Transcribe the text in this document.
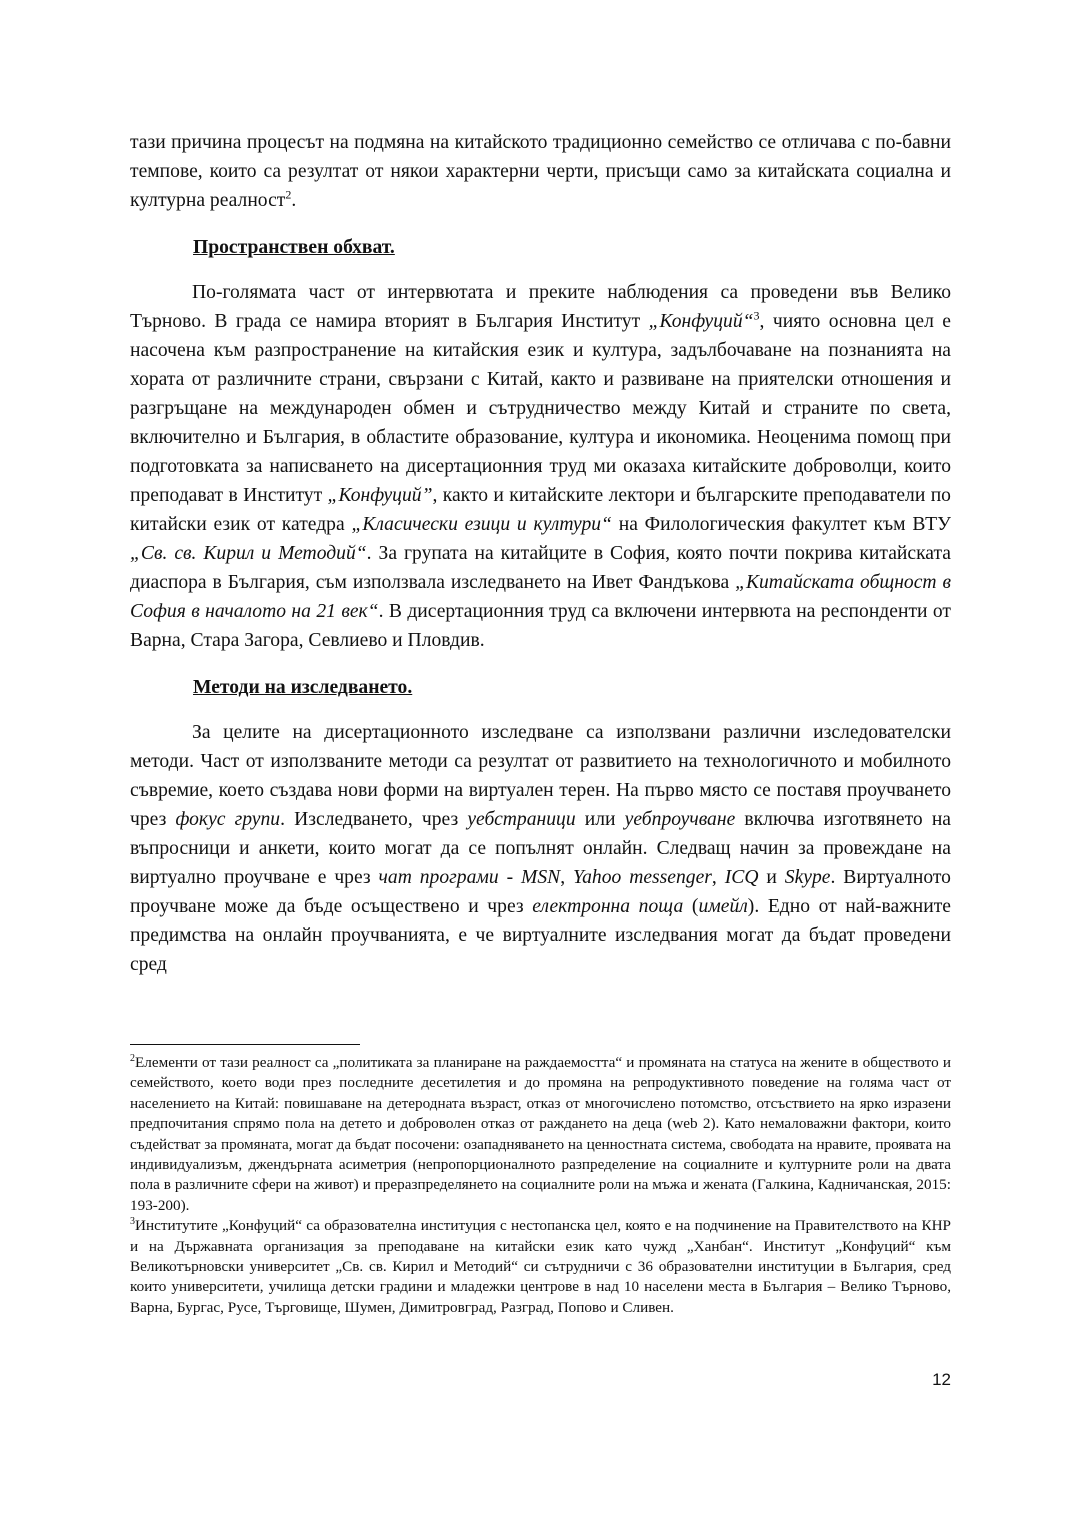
тази причина процесът на подмяна на китайското традиционно семейство се отличава с по-бавни темпове, които са резултат от някои характерни черти, присъщи само за китайската социална и културна реалност$^2$.

Пространствен обхват.

По-голямата част от интервютата и преките наблюдения са проведени във Велико Търново. В града се намира вторият в България Институт „Конфуций“$^3$, чиято основна цел е насочена към разпространение на китайския език и култура, задълбочаване на познанията на хората от различните страни, свързани с Китай, както и развиване на приятелски отношения и разгръщане на международен обмен и сътрудничество между Китай и страните по света, включително и България, в областите образование, култура и икономика. Неоценима помощ при подготовката за написването на дисертационния труд ми оказаха китайските доброволци, които преподават в Институт „Конфуций”, както и китайските лектори и българските преподаватели по китайски език от катедра „Класически езици и култури“ на Филологическия факултет към ВТУ „Св. св. Кирил и Методий“. За групата на китайците в София, която почти покрива китайската диаспора в България, съм използвала изследването на Ивет Фандъкова „Китайската общност в София в началото на 21 век“. В дисертационния труд са включени интервюта на респонденти от Варна, Стара Загора, Севлиево и Пловдив.

Методи на изследването.

За целите на дисертационното изследване са използвани различни изследователски методи. Част от използваните методи са резултат от развитието на технологичното и мобилното съвремие, което създава нови форми на виртуален терен. На първо място се поставя проучването чрез фокус групи. Изследването, чрез уебстраници или уебпроучване включва изготвянето на въпросници и анкети, които могат да се попълнят онлайн. Следващ начин за провеждане на виртуално проучване е чрез чат програми - MSN, Yahoo messenger, ICQ и Skype. Виртуалното проучване може да бъде осъществено и чрез електронна поща (имейл). Едно от най-важните предимства на онлайн проучванията, е че виртуалните изследвания могат да бъдат проведени сред

$^2$Елементи от тази реалност са „политиката за планиране на раждаемостта“ и промяната на статуса на жените в обществото и семейството, което води през последните десетилетия и до промяна на репродуктивното поведение на голяма част от населението на Китай: повишаване на детеродната възраст, отказ от многочислено потомство, отсъствието на ярко изразени предпочитания спрямо пола на детето и доброволен отказ от раждането на деца (web 2). Като немаловажни фактори, които съдействат за промяната, могат да бъдат посочени: озападняването на ценностната система, свободата на нравите, проявата на индивидуализъм, джендърната асиметрия (непропорционалното разпределение на социалните и културните роли на двата пола в различните сфери на живот) и преразпределянето на социалните роли на мъжа и жената (Галкина, Кадничанская, 2015: 193-200).

$^3$Институтите „Конфуций“ са образователна институция с нестопанска цел, която е на подчинение на Правителството на КНР и на Държавната организация за преподаване на китайски език като чужд „Ханбан“. Институт „Конфуций“ към Великотърновски университет „Св. св. Кирил и Методий“ си сътрудничи с 36 образователни институции в България, сред които университети, училища детски градини и младежки центрове в над 10 населени места в България – Велико Търново, Варна, Бургас, Русе, Търговище, Шумен, Димитровград, Разград, Попово и Сливен.

12
